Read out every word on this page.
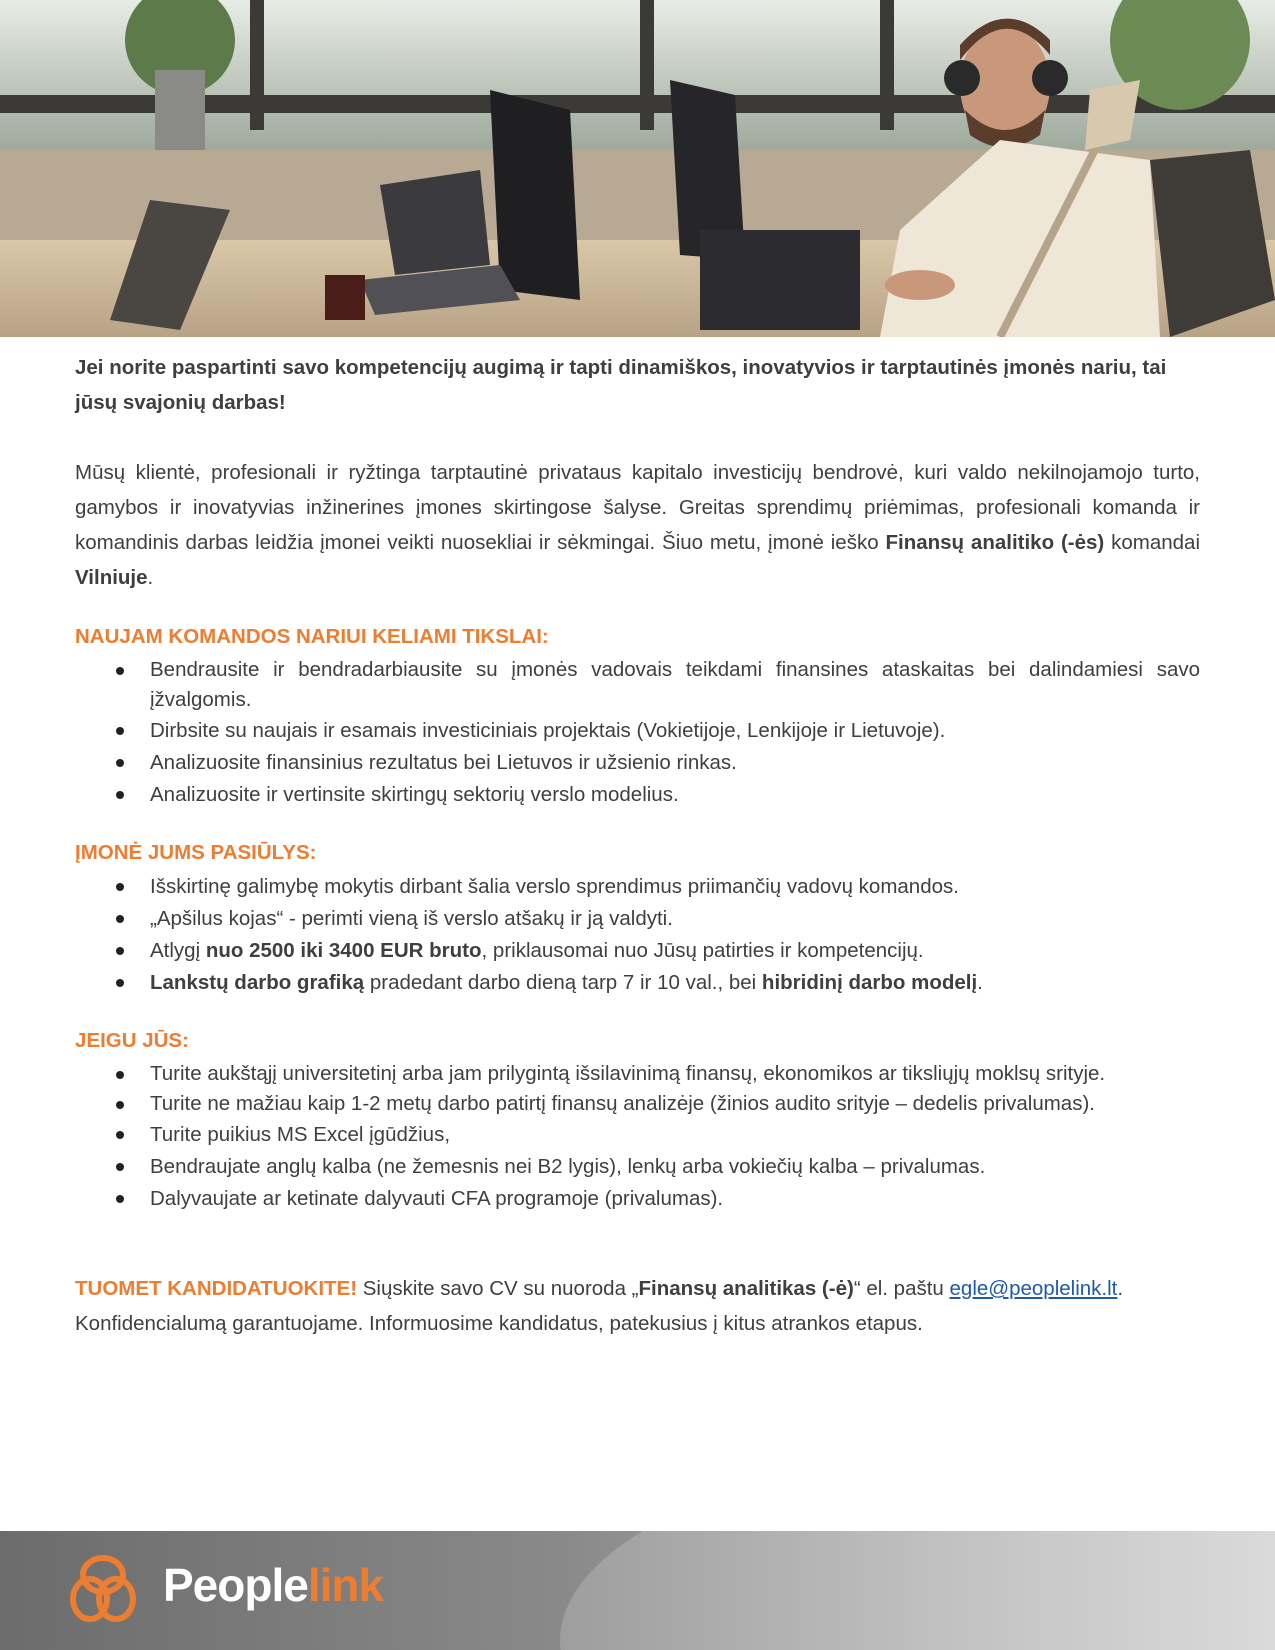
Jei norite paspartinti savo kompetencijų augimą ir tapti dinamiškos, inovatyvios ir tarptautinės įmonės nariu, tai jūsų svajonių darbas!

Mūsų klientė, profesionali ir ryžtinga tarptautinė privataus kapitalo investicijų bendrovė, kuri valdo nekilnojamojo turto, gamybos ir inovatyvias inžinerines įmones skirtingose šalyse. Greitas sprendimų priėmimas, profesionali komanda ir komandinis darbas leidžia įmonei veikti nuosekliai ir sėkmingai. Šiuo metu, įmonė ieško Finansų analitiko (-ės) komandai Vilniuje.

NAUJAM KOMANDOS NARIUI KELIAMI TIKSLAI:

Bendrausite ir bendradarbiausite su įmonės vadovais teikdami finansines ataskaitas bei dalindamiesi savo įžvalgomis.
Dirbsite su naujais ir esamais investiciniais projektais (Vokietijoje, Lenkijoje ir Lietuvoje).
Analizuosite finansinius rezultatus bei Lietuvos ir užsienio rinkas.
Analizuosite ir vertinsite skirtingų sektorių verslo modelius.

ĮMONĖ JUMS PASIŪLYS:

Išskirtinę galimybę mokytis dirbant šalia verslo sprendimus priimančių vadovų komandos.
„Apšilus kojas“ - perimti vieną iš verslo atšakų ir ją valdyti.
Atlygį nuo 2500 iki 3400 EUR bruto, priklausomai nuo Jūsų patirties ir kompetencijų.
Lankstų darbo grafiką pradedant darbo dieną tarp 7 ir 10 val., bei hibridinį darbo modelį.

JEIGU JŪS:

Turite aukštąjį universitetinį arba jam prilygintą išsilavinimą finansų, ekonomikos ar tiksliųjų moklsų srityje.
Turite ne mažiau kaip 1-2 metų darbo patirtį finansų analizėje (žinios audito srityje – dedelis privalumas).
Turite puikius MS Excel įgūdžius,
Bendraujate anglų kalba (ne žemesnis nei B2 lygis), lenkų arba vokiečių kalba – privalumas.
Dalyvaujate ar ketinate dalyvauti CFA programoje (privalumas).

TUOMET KANDIDATUOKITE! Siųskite savo CV su nuoroda „Finansų analitikas (-ė)“ el. paštu egle@peoplelink.lt.
Konfidencialumą garantuojame. Informuosime kandidatus, patekusius į kitus atrankos etapus.

Peoplelink
